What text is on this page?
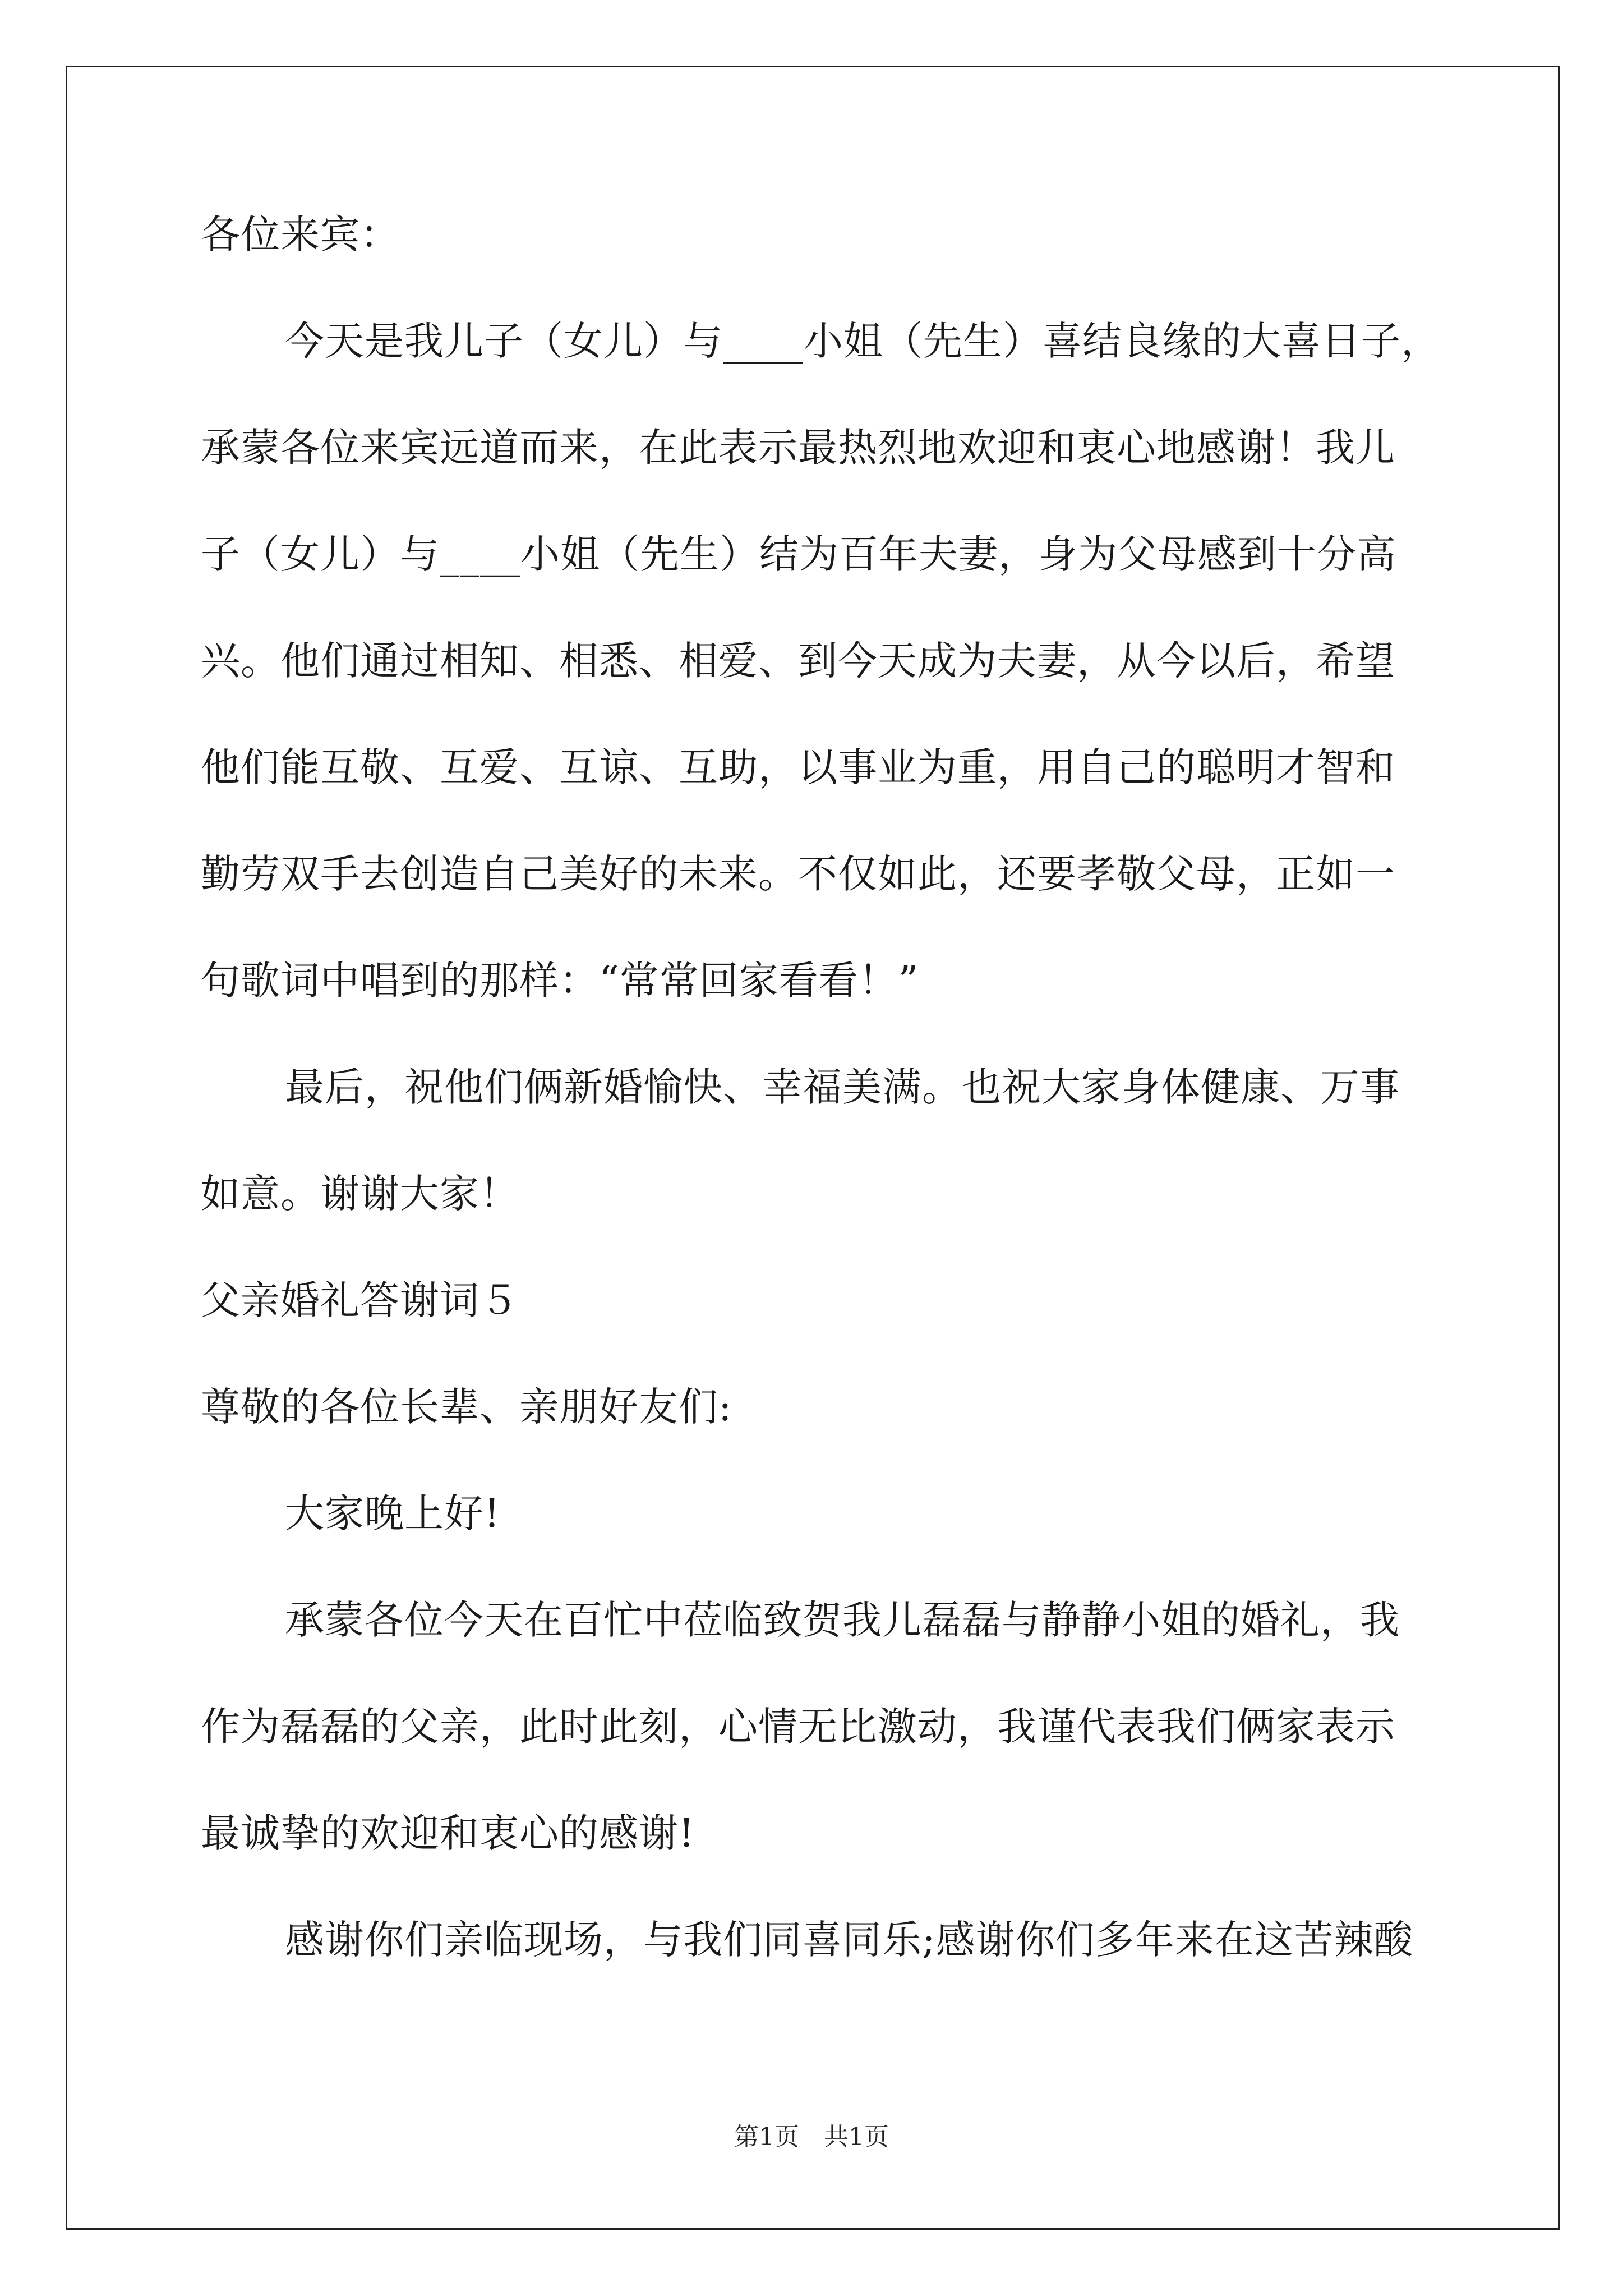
各位来宾：
今天是我儿子（女儿）与____小姐（先生）喜结良缘的大喜日子，
承蒙各位来宾远道而来，在此表示最热烈地欢迎和衷心地感谢！我儿
子（女儿）与____小姐（先生）结为百年夫妻，身为父母感到十分高
兴。他们通过相知、相悉、相爱、到今天成为夫妻，从今以后，希望
他们能互敬、互爱、互谅、互助，以事业为重，用自己的聪明才智和
勤劳双手去创造自己美好的未来。不仅如此，还要孝敬父母，正如一
句歌词中唱到的那样：“常常回家看看！”
最后，祝他们俩新婚愉快、幸福美满。也祝大家身体健康、万事
如意。谢谢大家！
父亲婚礼答谢词５
尊敬的各位长辈、亲朋好友们:
大家晚上好!
承蒙各位今天在百忙中莅临致贺我儿磊磊与静静小姐的婚礼，我
作为磊磊的父亲，此时此刻，心情无比激动，我谨代表我们俩家表示
最诚挚的欢迎和衷心的感谢!
感谢你们亲临现场，与我们同喜同乐;感谢你们多年来在这苦辣酸
第1页　共1页
